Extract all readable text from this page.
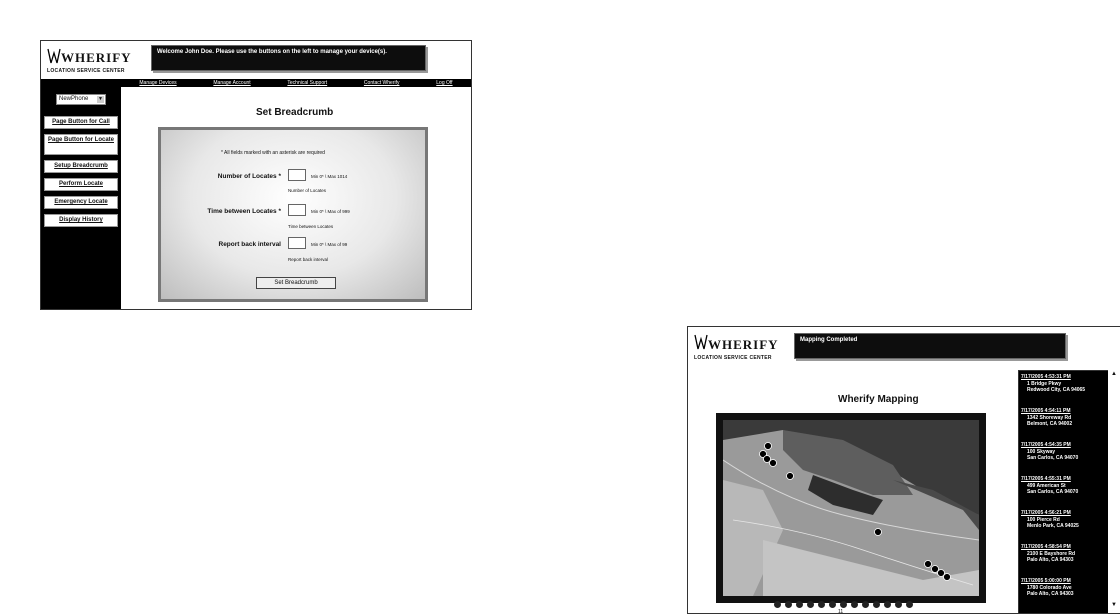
WHERIFY
LOCATION SERVICE CENTER
Welcome John Doe. Please use the buttons on the left to manage your device(s).
Manage Devices	Manage Account	Technical Support	Contact Wherify	Log Off
NewPhone ▼
Page Button for Call
Page Button for Locate
Setup Breadcrumb
Perform Locate
Emergency Locate
Display History
Set Breadcrumb
* All fields marked with an asterisk are required
Number of Locates *	Min 0* \ Max 1014
Number of Locates
Time between Locates *	Min 0* \ Max of 999
Time between Locates
Report back interval	Min 0* \ Max of 99
Report back interval
Set Breadcrumb
WHERIFY
LOCATION SERVICE CENTER
Mapping Completed
Wherify Mapping
7/17/2005 4:53:31 PM
1 Bridge Pkwy
Redwood City, CA 94065
7/17/2005 4:54:11 PM
1342 Shoreway Rd
Belmont, CA 94002
7/17/2005 4:54:35 PM
100 Skyway
San Carlos, CA 94070
7/17/2005 4:55:31 PM
499 American St
San Carlos, CA 94070
7/17/2005 4:56:21 PM
100 Pierce Rd
Menlo Park, CA 94025
7/17/2005 4:58:54 PM
2100 E Bayshore Rd
Palo Alto, CA 94303
7/17/2005 5:00:00 PM
1780 Colorado Ave
Palo Alto, CA 94303
▲
▼
11
